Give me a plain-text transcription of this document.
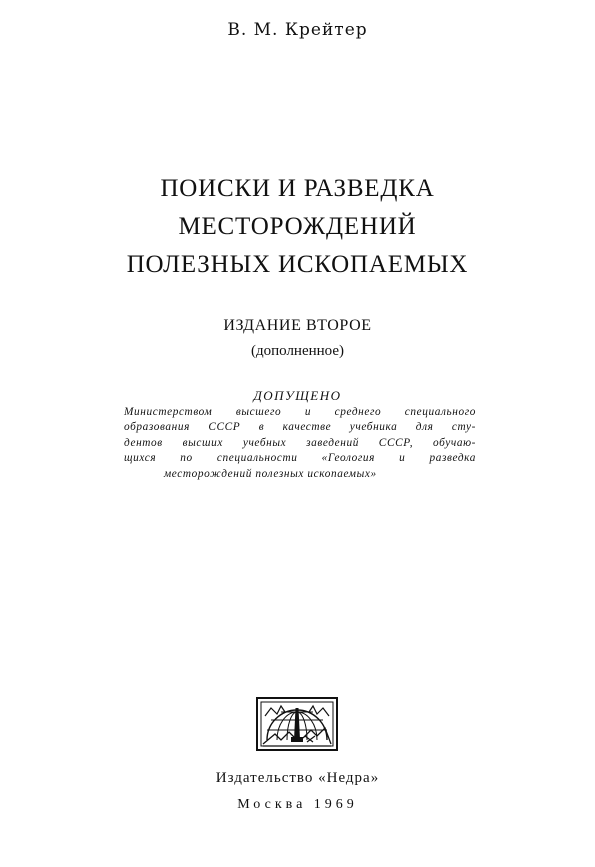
В. М. Крейтер
ПОИСКИ И РАЗВЕДКА
МЕСТОРОЖДЕНИЙ
ПОЛЕЗНЫХ ИСКОПАЕМЫХ
ИЗДАНИЕ ВТОРОЕ
(дополненное)
ДОПУЩЕНО
Министерством высшего и среднего специального
образования СССР в качестве учебника для сту-
дентов высших учебных заведений СССР, обучаю-
щихся по специальности «Геология и разведка
месторождений полезных ископаемых»
Издательство «Недра»
Москва 1969
